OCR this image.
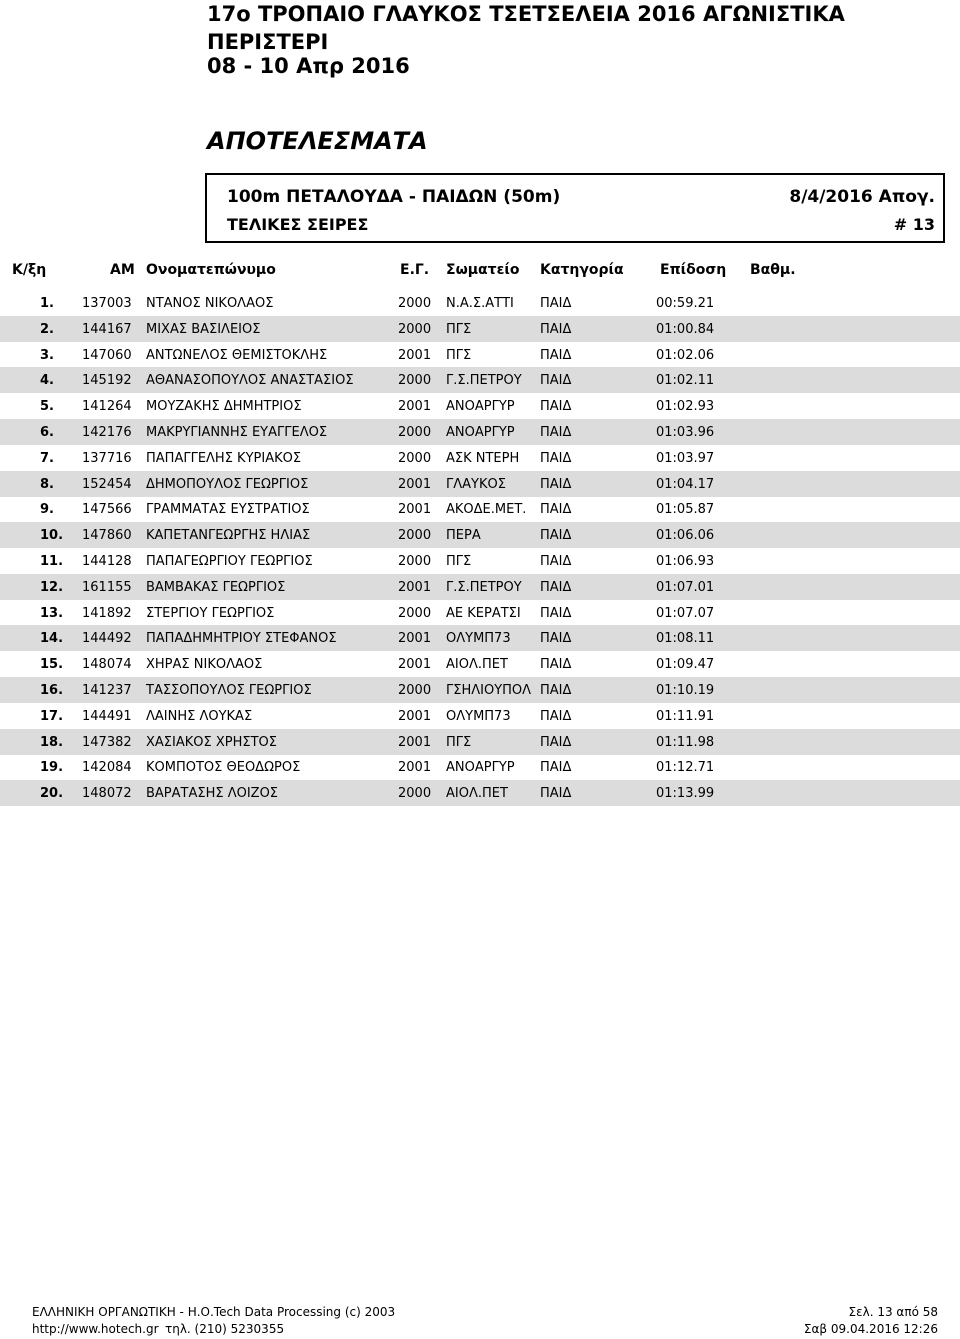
17ο ΤΡΟΠΑΙΟ ΓΛΑΥΚΟΣ ΤΣΕΤΣΕΛΕΙΑ 2016 ΑΓΩΝΙΣΤΙΚΑ
ΠΕΡΙΣΤΕΡΙ
08 - 10 Απρ 2016
ΑΠΟΤΕΛΕΣΜΑΤΑ
100m ΠΕΤΑΛΟΥΔΑ - ΠΑΙΔΩΝ (50m)	8/4/2016 Απογ.
ΤΕΛΙΚΕΣ ΣΕΙΡΕΣ	# 13
Κ/ξη	ΑΜ Ονοματεπώνυμο	Ε.Γ. Σωματείο Κατηγορία	Επίδοση Βαθμ.
1. 137003 ΝΤΑΝΟΣ ΝΙΚΟΛΑΟΣ	2000 Ν.Α.Σ.ΑΤΤΙ ΠΑΙΔ	00:59.21
2. 144167 ΜΙΧΑΣ ΒΑΣΙΛΕΙΟΣ	2000 ΠΓΣ	ΠΑΙΔ	01:00.84
3. 147060 ΑΝΤΩΝΕΛΟΣ ΘΕΜΙΣΤΟΚΛΗΣ	2001 ΠΓΣ	ΠΑΙΔ	01:02.06
4. 145192 ΑΘΑΝΑΣΟΠΟΥΛΟΣ ΑΝΑΣΤΑΣΙΟΣ	2000 Γ.Σ.ΠΕΤΡΟΥ ΠΑΙΔ	01:02.11
5. 141264 ΜΟΥΖΑΚΗΣ ΔΗΜΗΤΡΙΟΣ	2001 ΑΝΟΑΡΓΥΡ ΠΑΙΔ	01:02.93
6. 142176 ΜΑΚΡΥΓΙΑΝΝΗΣ ΕΥΑΓΓΕΛΟΣ	2000 ΑΝΟΑΡΓΥΡ ΠΑΙΔ	01:03.96
7. 137716 ΠΑΠΑΓΓΕΛΗΣ ΚΥΡΙΑΚΟΣ	2000 ΑΣΚ ΝΤΕΡΗ ΠΑΙΔ	01:03.97
8. 152454 ΔΗΜΟΠΟΥΛΟΣ ΓΕΩΡΓΙΟΣ	2001 ΓΛΑΥΚΟΣ	ΠΑΙΔ	01:04.17
9. 147566 ΓΡΑΜΜΑΤΑΣ ΕΥΣΤΡΑΤΙΟΣ	2001 ΑΚΟΔΕ.ΜΕΤ. ΠΑΙΔ	01:05.87
10. 147860 ΚΑΠΕΤΑΝΓΕΩΡΓΗΣ ΗΛΙΑΣ	2000 ΠΕΡΑ	ΠΑΙΔ	01:06.06
11. 144128 ΠΑΠΑΓΕΩΡΓΙΟΥ ΓΕΩΡΓΙΟΣ	2000 ΠΓΣ	ΠΑΙΔ	01:06.93
12. 161155 ΒΑΜΒΑΚΑΣ ΓΕΩΡΓΙΟΣ	2001 Γ.Σ.ΠΕΤΡΟΥ ΠΑΙΔ	01:07.01
13. 141892 ΣΤΕΡΓΙΟΥ ΓΕΩΡΓΙΟΣ	2000 ΑΕ ΚΕΡΑΤΣΙ ΠΑΙΔ	01:07.07
14. 144492 ΠΑΠΑΔΗΜΗΤΡΙΟΥ ΣΤΕΦΑΝΟΣ	2001 ΟΛΥΜΠ73 ΠΑΙΔ	01:08.11
15. 148074 ΧΗΡΑΣ ΝΙΚΟΛΑΟΣ	2001 ΑΙΟΛ.ΠΕΤ ΠΑΙΔ	01:09.47
16. 141237 ΤΑΣΣΟΠΟΥΛΟΣ ΓΕΩΡΓΙΟΣ	2000 ΓΣΗΛΙΟΥΠΟΛ ΠΑΙΔ	01:10.19
17. 144491 ΛΑΙΝΗΣ ΛΟΥΚΑΣ	2001 ΟΛΥΜΠ73 ΠΑΙΔ	01:11.91
18. 147382 ΧΑΣΙΑΚΟΣ ΧΡΗΣΤΟΣ	2001 ΠΓΣ	ΠΑΙΔ	01:11.98
19. 142084 ΚΟΜΠΟΤΟΣ ΘΕΟΔΩΡΟΣ	2001 ΑΝΟΑΡΓΥΡ ΠΑΙΔ	01:12.71
20. 148072 ΒΑΡΑΤΑΣΗΣ ΛΟΙΖΟΣ	2000 ΑΙΟΛ.ΠΕΤ ΠΑΙΔ	01:13.99
ΕΛΛΗΝΙΚΗ ΟΡΓΑΝΩΤΙΚΗ - Η.Ο.Tech Data Processing (c) 2003
http://www.hotech.gr τηλ. (210) 5230355
Σελ. 13 από 58
Σαβ 09.04.2016 12:26
